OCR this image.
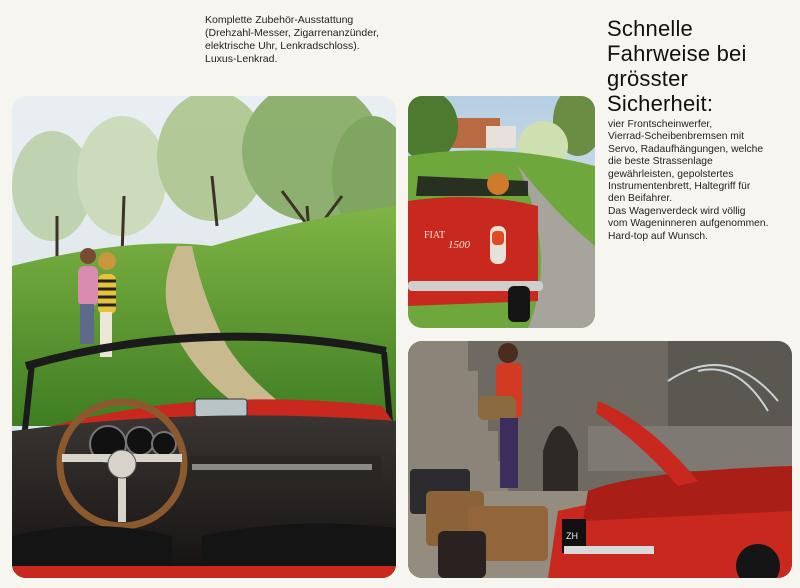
Komplette Zubehör-Ausstattung
(Drehzahl-Messer, Zigarrenanzünder,
elektrische Uhr, Lenkradschloss).
Luxus-Lenkrad.
Schnelle
Fahrweise bei
grösster
Sicherheit:
vier Frontscheinwerfer,
Vierrad-Scheibenbremsen mit
Servo, Radaufhängungen, welche
die beste Strassenlage
gewährleisten, gepolstertes
Instrumentenbrett, Haltegriff für
den Beifahrer.
Das Wagenverdeck wird völlig
vom Wageninneren aufgenommen.
Hard-top auf Wunsch.
FIAT
1500
ZH
